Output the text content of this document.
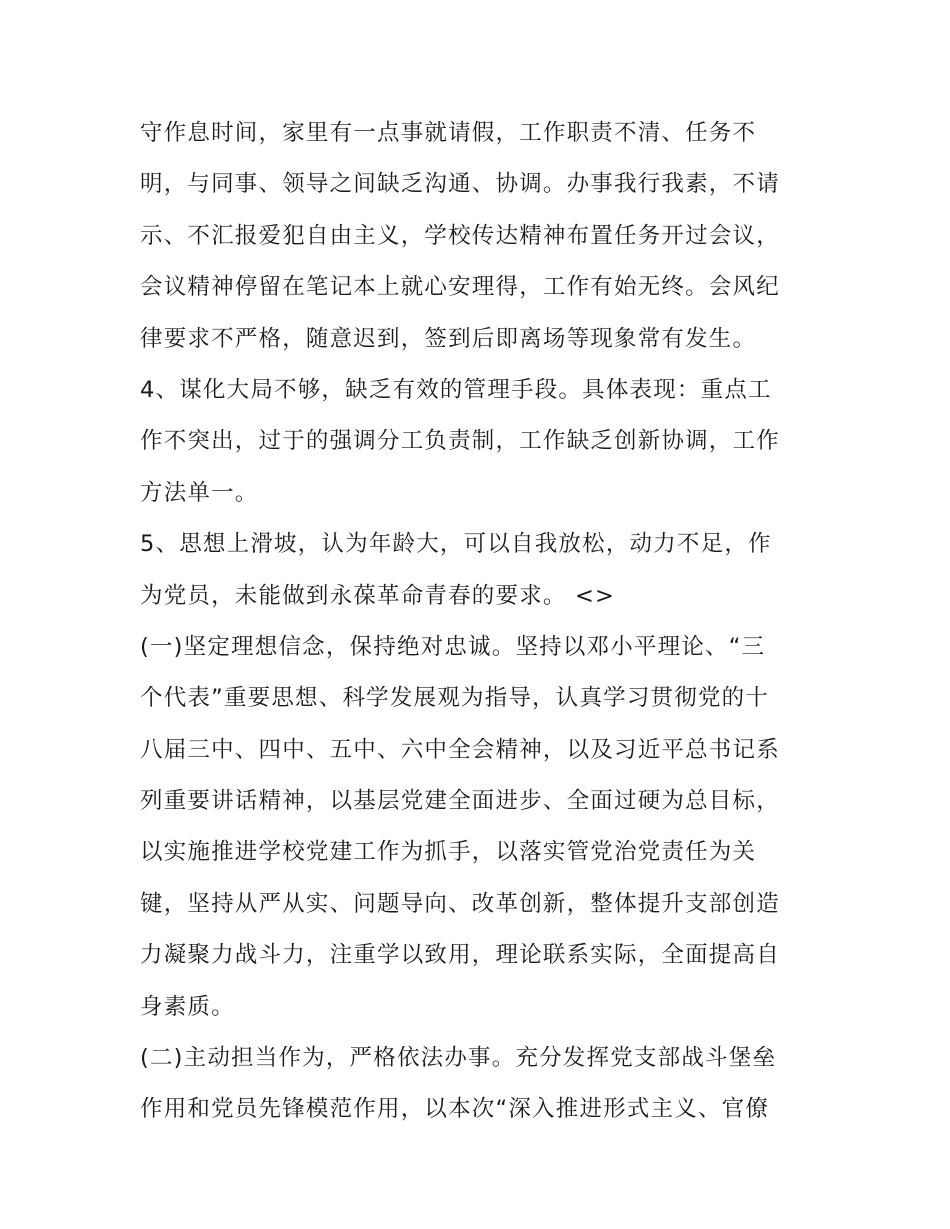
守作息时间，家里有一点事就请假，工作职责不清、任务不
明，与同事、领导之间缺乏沟通、协调。办事我行我素，不请
示、不汇报爱犯自由主义，学校传达精神布置任务开过会议，
会议精神停留在笔记本上就心安理得，工作有始无终。会风纪
律要求不严格，随意迟到，签到后即离场等现象常有发生。
4、谋化大局不够，缺乏有效的管理手段。具体表现：重点工
作不突出，过于的强调分工负责制，工作缺乏创新协调，工作
方法单一。
5、思想上滑坡，认为年龄大，可以自我放松，动力不足，作
为党员，未能做到永葆革命青春的要求。 <>
(一)坚定理想信念，保持绝对忠诚。坚持以邓小平理论、“三
个代表”重要思想、科学发展观为指导，认真学习贯彻党的十
八届三中、四中、五中、六中全会精神，以及习近平总书记系
列重要讲话精神，以基层党建全面进步、全面过硬为总目标，
以实施推进学校党建工作为抓手，以落实管党治党责任为关
键，坚持从严从实、问题导向、改革创新，整体提升支部创造
力凝聚力战斗力，注重学以致用，理论联系实际，全面提高自
身素质。
(二)主动担当作为，严格依法办事。充分发挥党支部战斗堡垒
作用和党员先锋模范作用，以本次“深入推进形式主义、官僚
